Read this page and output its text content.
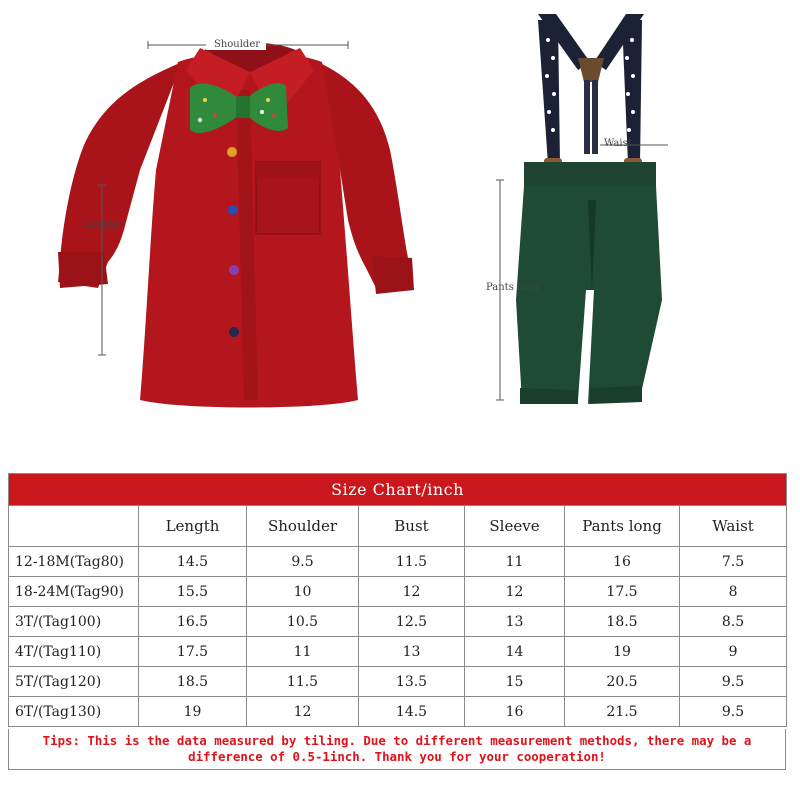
Shoulder
Length
Pants long
Waist
Size Chart/inch						
	Length	Shoulder	Bust	Sleeve	Pants long	Waist
12-18M(Tag80)	14.5	9.5	11.5	11	16	7.5
18-24M(Tag90)	15.5	10	12	12	17.5	8
3T/(Tag100)	16.5	10.5	12.5	13	18.5	8.5
4T/(Tag110)	17.5	11	13	14	19	9
5T/(Tag120)	18.5	11.5	13.5	15	20.5	9.5
6T/(Tag130)	19	12	14.5	16	21.5	9.5
Tips: This is the data measured by tiling. Due to different measurement methods, there may be a difference of 0.5-1inch. Thank you for your cooperation!
